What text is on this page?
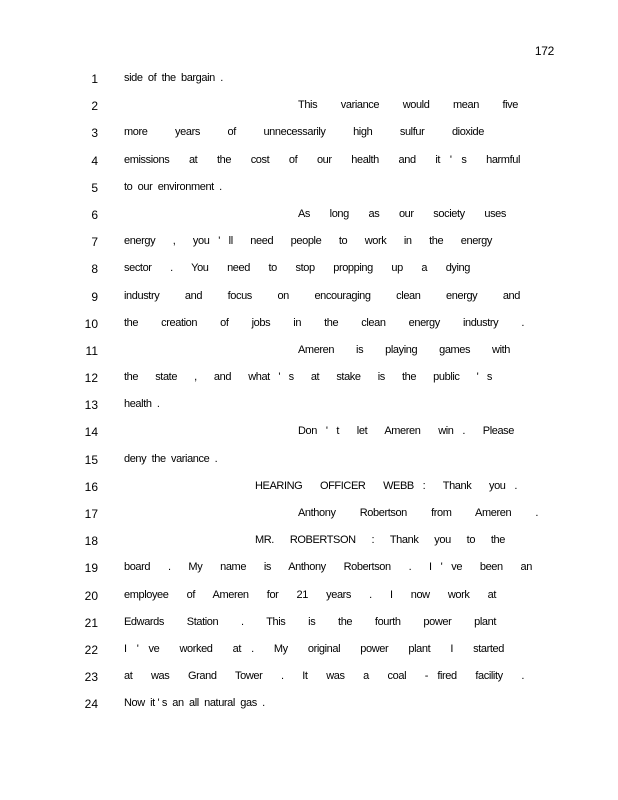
172
1 side  of  the  bargain  .
2	This  variance  would  mean  five
3 more  years  of  unnecessarily  high  sulfur  dioxide
4 emissions  at  the  cost  of  our  health  and  it ' s  harmful
5 to  our  environment  .
6	As  long  as  our  society  uses
7 energy  ,  you ' ll  need  people  to  work  in  the  energy
8 sector  .  You  need  to  stop  propping  up  a  dying
9 industry  and  focus  on  encouraging  clean  energy  and
10 the  creation  of  jobs  in  the  clean  energy  industry  .
11	Ameren  is  playing  games  with
12 the  state  ,  and  what ' s  at  stake  is  the  public  ' s
13 health  .
14	Don ' t  let  Ameren  win .  Please
15 deny  the  variance  .
16	HEARING  OFFICER  WEBB :  Thank  you .
17	Anthony  Robertson  from  Ameren  .
18	MR.  ROBERTSON  :  Thank  you  to  the
19 board  .  My  name  is  Anthony  Robertson  .  I ' ve  been  an
20 employee  of  Ameren  for  21  years  .  I  now  work  at
21 Edwards  Station  .  This  is  the  fourth  power  plant
22 I ' ve  worked  at .  My  original  power  plant  I  started
23 at  was  Grand  Tower  .  It  was  a  coal  - fired  facility  .
24 Now  it ' s  an  all  natural  gas  .
